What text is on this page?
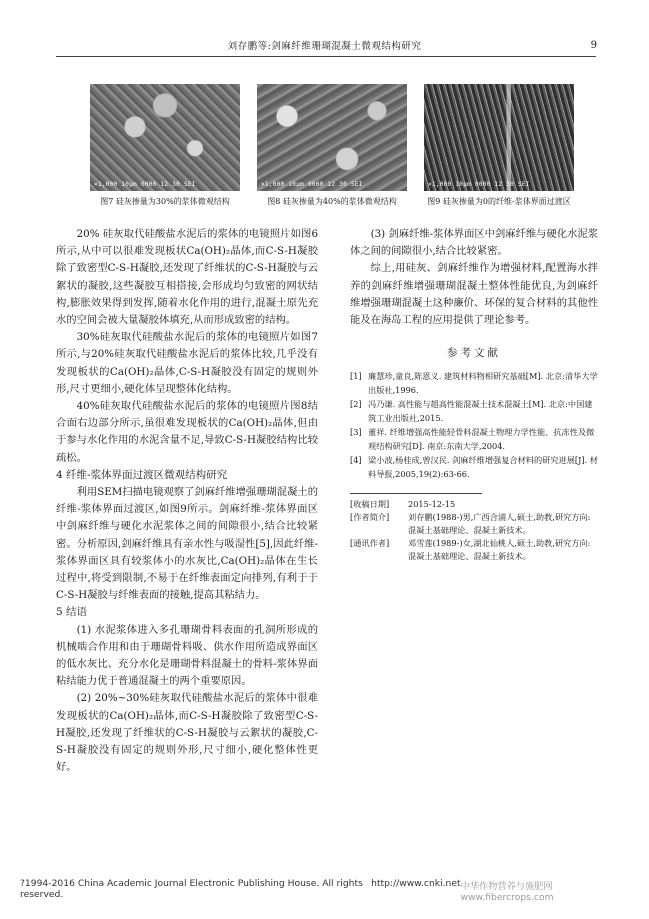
刘存鹏等:剑麻纤维珊瑚混凝土微观结构研究	9
×1,000 10μm 0000 12 30 SEI
图7 硅灰掺量为30%的浆体微观结构
×1,000 10μm 0000 12 30 SEI
图8 硅灰掺量为40%的浆体微观结构
×1,000 10μm 0000 12 30 SEI
图9 硅灰掺量为0的纤维-浆体界面过渡区

20% 硅灰取代硅酸盐水泥后的浆体的电镜照片如图6所示,从中可以很难发现板状Ca(OH)₂晶体,而C-S-H凝胶除了致密型C-S-H凝胶,还发现了纤维状的C-S-H凝胶与云絮状的凝胶,这些凝胶互相搭接,会形成均匀致密的网状结构,膨胀效果得到发挥,随着水化作用的进行,混凝土原先充水的空间会被大量凝胶体填充,从而形成致密的结构。

30%硅灰取代硅酸盐水泥后的浆体的电镜照片如图7所示,与20%硅灰取代硅酸盐水泥后的浆体比较,几乎没有发现板状的Ca(OH)₂晶体,C-S-H凝胶没有固定的规则外形,尺寸更细小,硬化体呈现整体化结构。

40%硅灰取代硅酸盐水泥后的浆体的电镜照片图8结合面右边部分所示,虽很难发现板状的Ca(OH)₂晶体,但由于参与水化作用的水泥含量不足,导致C-S-H凝胶结构比较疏松。

4 纤维-浆体界面过渡区微观结构研究

利用SEM扫描电镜观察了剑麻纤维增强珊瑚混凝土的纤维-浆体界面过渡区,如图9所示。剑麻纤维-浆体界面区中剑麻纤维与硬化水泥浆体之间的间隙很小,结合比较紧密。分析原因,剑麻纤维具有亲水性与吸湿性[5],因此纤维-浆体界面区具有较浆体小的水灰比,Ca(OH)₂晶体在生长过程中,将受到限制,不易于在纤维表面定向排列,有利于于C-S-H凝胶与纤维表面的接触,提高其粘结力。

5 结语

(1) 水泥浆体进入多孔珊瑚骨料表面的孔洞所形成的机械啮合作用和由于珊瑚骨料吸、供水作用所造成界面区的低水灰比、充分水化是珊瑚骨料混凝土的骨料-浆体界面粘结能力优于普通混凝土的两个重要原因。

(2) 20%~30%硅灰取代硅酸盐水泥后的浆体中很难发现板状的Ca(OH)₂晶体,而C-S-H凝胶除了致密型C-S-H凝胶,还发现了纤维状的C-S-H凝胶与云絮状的凝胶,C-S-H凝胶没有固定的规则外形,尺寸细小,硬化整体性更好。

(3) 剑麻纤维-浆体界面区中剑麻纤维与硬化水泥浆体之间的间隙很小,结合比较紧密。

综上,用硅灰、剑麻纤维作为增强材料,配置海水拌养的剑麻纤维增强珊瑚混凝土整体性能优良,为剑麻纤维增强珊瑚混凝土这种廉价、环保的复合材料的其他性能及在海岛工程的应用提供了理论参考。

参考文献
[1] 廉慧珍,童良,陈恩义. 建筑材料物相研究基础[M]. 北京:清华大学出版社,1996.
[2] 冯乃谦. 高性能与超高性能混凝土技术混凝土[M]. 北京:中国建筑工业出版社,2015.
[3] 董祥. 纤维增强高性能轻骨料混凝土物理力学性能、抗冻性及微观结构研究[D]. 南京:东南大学,2004.
[4] 梁小波,杨桂成,曾汉民. 剑麻纤维增强复合材料的研究进展[J]. 材料导报,2005,19(2):63-66.
[收稿日期]	2015-12-15
[作者简介]	刘存鹏(1988-)男,广西合浦人,硕士,助教,研究方向:混凝土基础理论、混凝土新技术。
[通讯作者]	邓雪莲(1989-)女,湖北仙桃人,硕士,助教,研究方向:混凝土基础理论、混凝土新技术。
?1994-2016 China Academic Journal Electronic Publishing House. All rights reserved.
http://www.cnki.net 中华作物营养与施肥网 www.fibercrops.com
